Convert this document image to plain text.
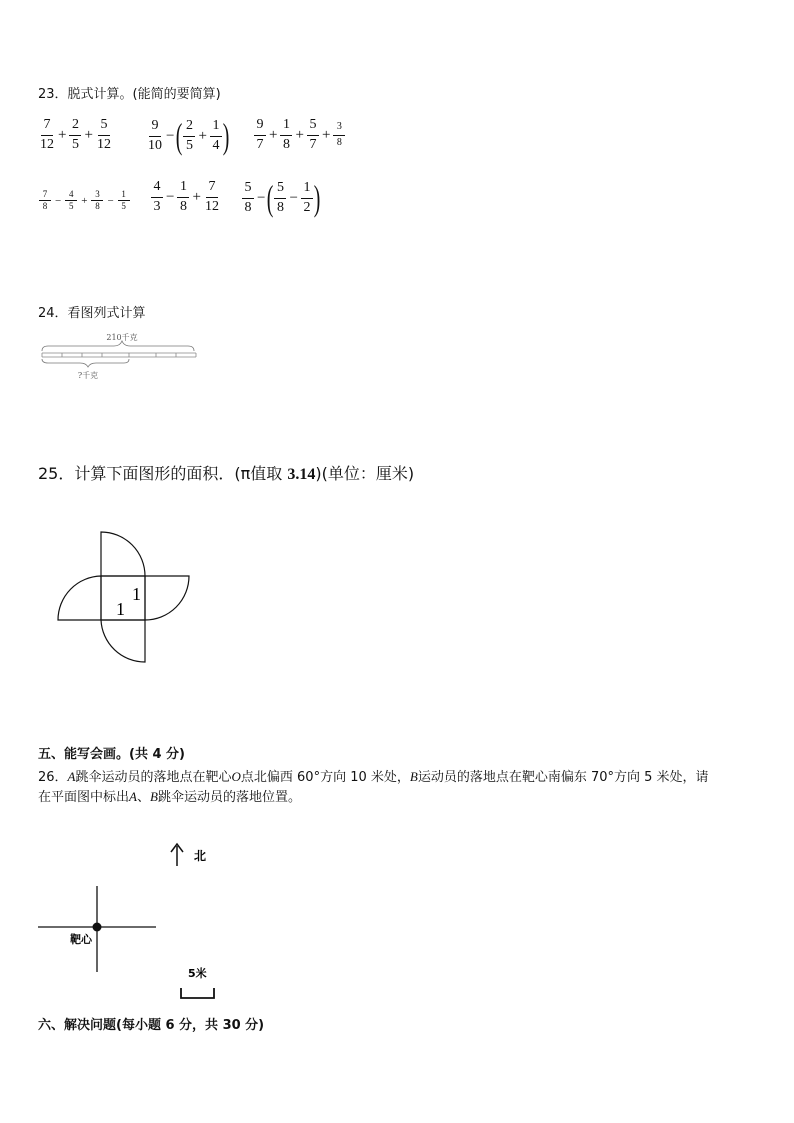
23．脱式计算。(能简的要简算)
$\frac{7}{12} + \frac{2}{5} + \frac{5}{12}$	$\frac{9}{10}$ − ( $\frac{2}{5} + \frac{1}{4}$ ) $\frac{9}{7} + \frac{1}{8} + \frac{5}{7} + \frac{3}{8}$
$\frac{7}{8} - \frac{4}{5} + \frac{3}{8} - \frac{1}{5} \frac{4}{3} - \frac{1}{8} + \frac{7}{12} \frac{5}{8}$ − ( $\frac{5}{8} - \frac{1}{2}$ )
24．看图列式计算
210千克
?千克
25．计算下面图形的面积．(π值取 3.14)(单位：厘米)
1
1
五、能写会画。(共 4 分)
26．A跳伞运动员的落地点在靶心O点北偏西 60°方向 10 米处，B运动员的落地点在靶心南偏东 70°方向 5 米处，请
在平面图中标出A、B跳伞运动员的落地位置。
北
靶心
5米
六、解决问题(每小题 6 分，共 30 分)
